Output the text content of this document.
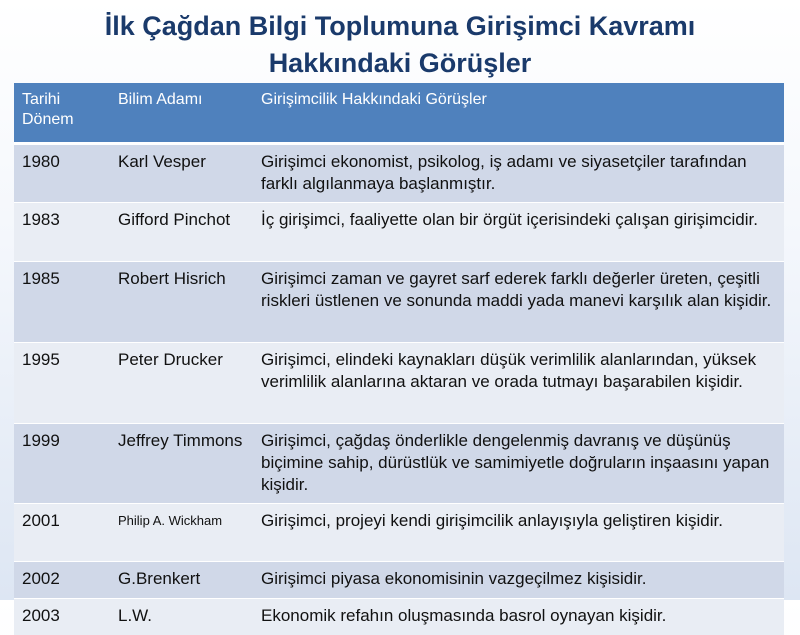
İlk Çağdan Bilgi Toplumuna Girişimci Kavramı
Hakkındaki Görüşler
Tarihi Dönem	Bilim Adamı	Girişimcilik Hakkındaki Görüşler
1980	Karl Vesper	Girişimci ekonomist, psikolog, iş adamı ve siyasetçiler tarafından farklı algılanmaya başlanmıştır.
1983	Gifford Pinchot	İç girişimci, faaliyette olan bir örgüt içerisindeki çalışan girişimcidir.
1985	Robert Hisrich	Girişimci zaman ve gayret sarf ederek farklı değerler üreten, çeşitli riskleri üstlenen ve sonunda maddi yada manevi karşılık alan kişidir.
1995	Peter Drucker	Girişimci, elindeki kaynakları düşük verimlilik alanlarından, yüksek verimlilik alanlarına aktaran ve orada tutmayı başarabilen kişidir.
1999	Jeffrey Timmons	Girişimci, çağdaş önderlikle dengelenmiş davranış ve düşünüş biçimine sahip, dürüstlük ve samimiyetle doğruların inşaasını yapan kişidir.
2001	Philip A. Wickham	Girişimci, projeyi kendi girişimcilik anlayışıyla geliştiren kişidir.
2002	G.Brenkert	Girişimci piyasa ekonomisinin vazgeçilmez kişisidir.
2003	L.W.	Ekonomik refahın oluşmasında basrol oynayan kişidir.
